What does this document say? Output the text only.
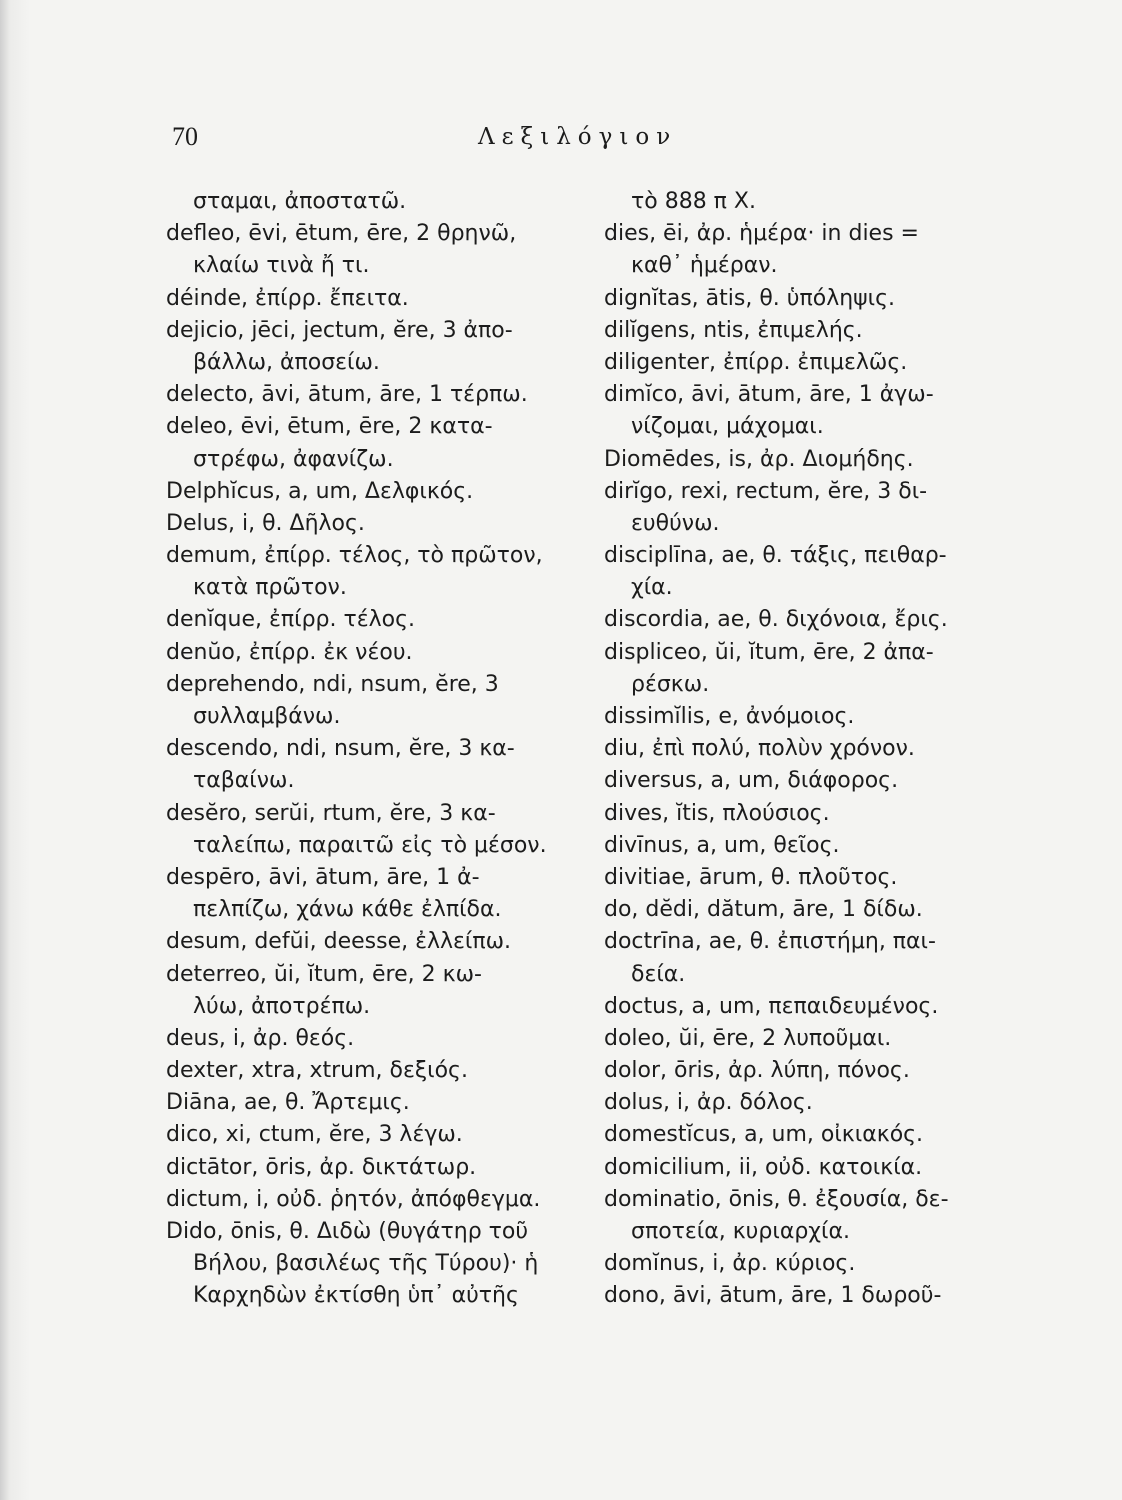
70	Λεξιλόγιον
σταμαι, ἀποστατῶ.
defleo, ēvi, ētum, ēre, 2 θρηνῶ,
κλαίω τινὰ ἤ τι.
déinde, ἐπίρρ. ἔπειτα.
dejicio, jēci, jectum, ĕre, 3 ἀπο-
βάλλω, ἀποσείω.
delecto, āvi, ātum, āre, 1 τέρπω.
deleo, ēvi, ētum, ēre, 2 κατα-
στρέφω, ἀφανίζω.
Delphĭcus, a, um, Δελφικός.
Delus, i, θ. Δῆλος.
demum, ἐπίρρ. τέλος, τὸ πρῶτον,
κατὰ πρῶτον.
denĭque, ἐπίρρ. τέλος.
denŭo, ἐπίρρ. ἐκ νέου.
deprehendo, ndi, nsum, ĕre, 3
συλλαμβάνω.
descendo, ndi, nsum, ĕre, 3 κα-
ταβαίνω.
desĕro, serŭi, rtum, ĕre, 3 κα-
ταλείπω, παραιτῶ εἰς τὸ μέσον.
despēro, āvi, ātum, āre, 1 ἀ-
πελπίζω, χάνω κάθε ἐλπίδα.
desum, defŭi, deesse, ἐλλείπω.
deterreo, ŭi, ĭtum, ēre, 2 κω-
λύω, ἀποτρέπω.
deus, i, ἀρ. θεός.
dexter, xtra, xtrum, δεξιός.
Diāna, ae, θ. Ἄρτεμις.
dico, xi, ctum, ĕre, 3 λέγω.
dictātor, ōris, ἀρ. δικτάτωρ.
dictum, i, οὐδ. ῥητόν, ἀπόφθεγμα.
Dido, ōnis, θ. Διδὼ (θυγάτηρ τοῦ
Βήλου, βασιλέως τῆς Τύρου)· ἡ
Καρχηδὼν ἐκτίσθη ὑπ᾽ αὐτῆς
τὸ 888 π Χ.
dies, ēi, ἀρ. ἡμέρα· in dies =
καθ᾽ ἡμέραν.
dignĭtas, ātis, θ. ὑπόληψις.
dilĭgens, ntis, ἐπιμελής.
diligenter, ἐπίρρ. ἐπιμελῶς.
dimĭco, āvi, ātum, āre, 1 ἀγω-
νίζομαι, μάχομαι.
Diomēdes, is, ἀρ. Διομήδης.
dirĭgo, rexi, rectum, ĕre, 3 δι-
ευθύνω.
disciplīna, ae, θ. τάξις, πειθαρ-
χία.
discordia, ae, θ. διχόνοια, ἔρις.
displiceo, ŭi, ĭtum, ēre, 2 ἀπα-
ρέσκω.
dissimĭlis, e, ἀνόμοιος.
diu, ἐπὶ πολύ, πολὺν χρόνον.
diversus, a, um, διάφορος.
dives, ĭtis, πλούσιος.
divīnus, a, um, θεῖος.
divitiae, ārum, θ. πλοῦτος.
do, dĕdi, dătum, āre, 1 δίδω.
doctrīna, ae, θ. ἐπιστήμη, παι-
δεία.
doctus, a, um, πεπαιδευμένος.
doleo, ŭi, ēre, 2 λυποῦμαι.
dolor, ōris, ἀρ. λύπη, πόνος.
dolus, i, ἀρ. δόλος.
domestĭcus, a, um, οἰκιακός.
domicilium, ii, οὐδ. κατοικία.
dominatio, ōnis, θ. ἐξουσία, δε-
σποτεία, κυριαρχία.
domĭnus, i, ἀρ. κύριος.
dono, āvi, ātum, āre, 1 δωροῦ-
